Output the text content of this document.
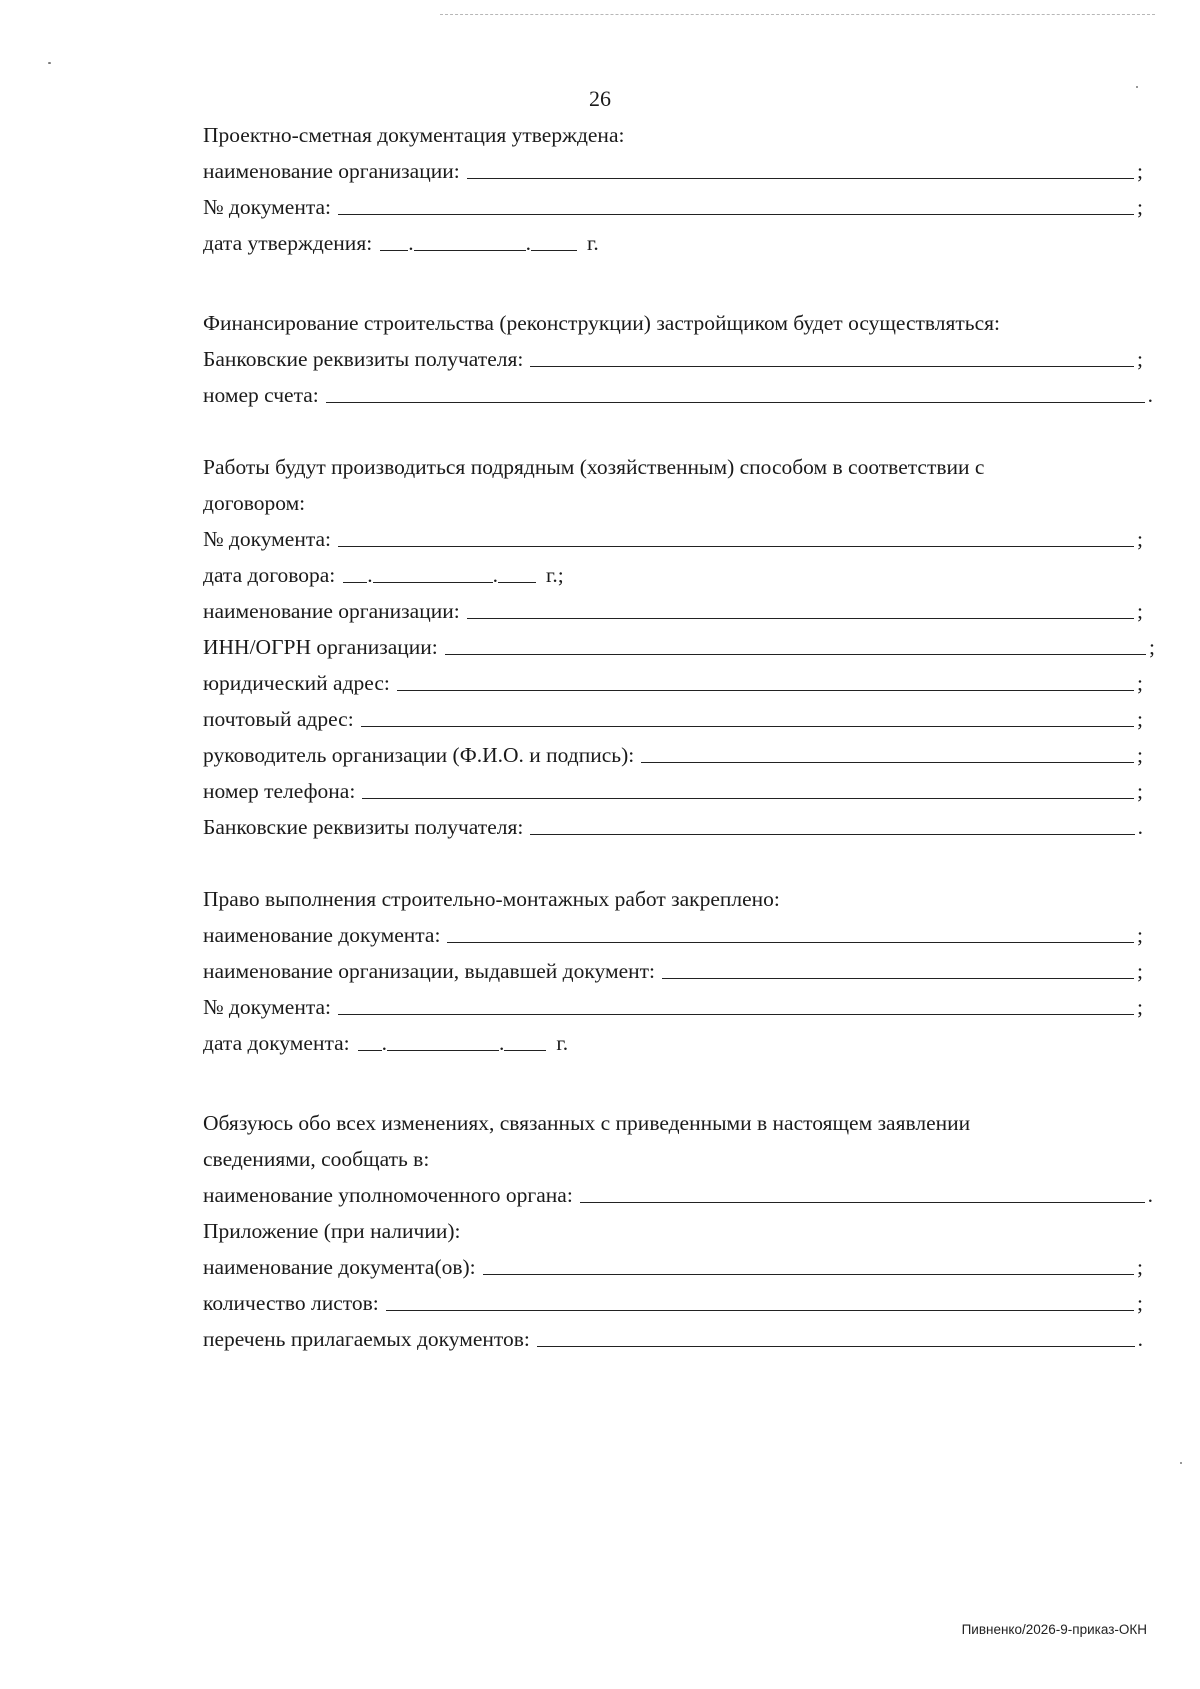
26
Проектно-сметная документация утверждена:
наименование организации:	;
№ документа:	;
дата утверждения:	.	.	г.
Финансирование строительства (реконструкции) застройщиком будет осуществляться:
Банковские реквизиты получателя:	;
номер счета:	.
Работы будут производиться подрядным (хозяйственным) способом в соответствии с
договором:
№ документа:	;
дата договора:	.	.	г.;
наименование организации:	;
ИНН/ОГРН организации:	;
юридический адрес:	;
почтовый адрес:	;
руководитель организации (Ф.И.О. и подпись):	;
номер телефона:	;
Банковские реквизиты получателя:	.
Право выполнения строительно-монтажных работ закреплено:
наименование документа:	;
наименование организации, выдавшей документ:	;
№ документа:	;
дата документа:	.	.	г.
Обязуюсь обо всех изменениях, связанных с приведенными в настоящем заявлении
сведениями, сообщать в:
наименование уполномоченного органа:	.
Приложение (при наличии):
наименование документа(ов):	;
количество листов:	;
перечень прилагаемых документов:	.
Пивненко/2026-9-приказ-ОКН
